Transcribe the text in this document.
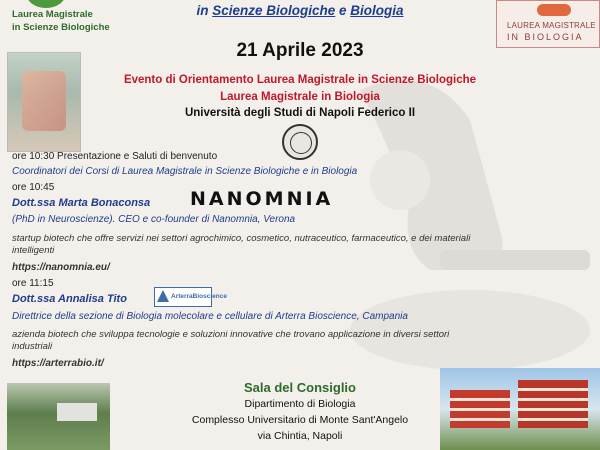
Laurea Magistrale
in Scienze Biologiche
in Scienze Biologiche e Biologia
LAUREA MAGISTRALE
IN BIOLOGIA
21 Aprile 2023
Evento di Orientamento Laurea Magistrale in Scienze Biologiche
Laurea Magistrale in Biologia
Università degli Studi di Napoli Federico II
ore 10:30 Presentazione e Saluti di benvenuto
Coordinatori dei Corsi di Laurea Magistrale in Scienze Biologiche e in Biologia
ore 10:45
Dott.ssa Marta Bonaconsa NANOMNIA
(PhD in Neuroscienze). CEO e co-founder di Nanomnia, Verona
startup biotech che offre servizi nei settori agrochimico, cosmetico, nutraceutico, farmaceutico, e dei materiali
intelligenti
https://nanomnia.eu/
ore 11:15
Dott.ssa Annalisa Tito	ArterraBioscience
Direttrice della sezione di Biologia molecolare e cellulare di Arterra Bioscience, Campania
azienda biotech che sviluppa tecnologie e soluzioni innovative che trovano applicazione in diversi settori
industriali
https://arterrabio.it/
Sala del Consiglio
Dipartimento di Biologia
Complesso Universitario di Monte Sant'Angelo
via Chintia, Napoli
